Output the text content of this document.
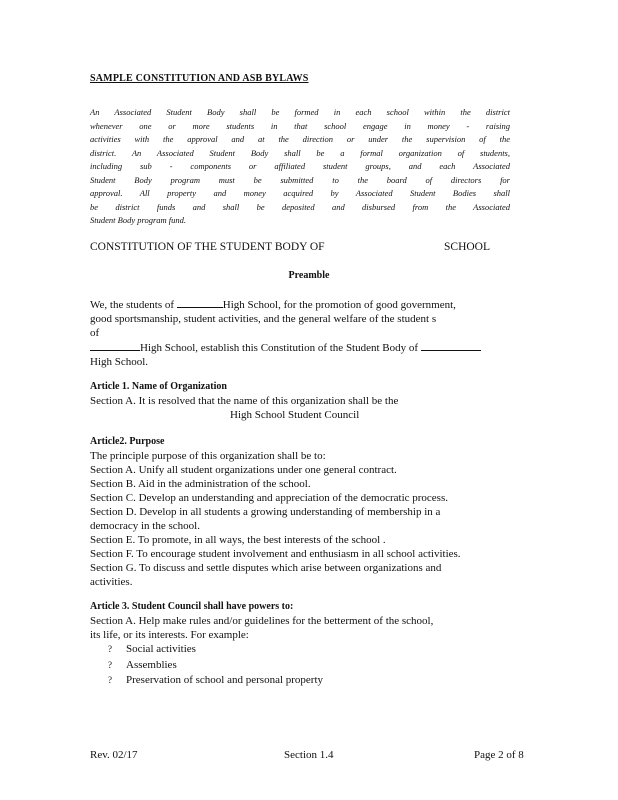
SAMPLE CONSTITUTION AND ASB BYLAWS
An Associated Student Body shall be formed in each school within the district
whenever one or more students in that school engage in money - raising
activities with the approval and at the direction or under the supervision of the
district. An Associated Student Body shall be a formal organization of students,
including sub - components or affiliated student groups, and each Associated
Student Body program must be submitted to the board of directors for
approval. All property and money acquired by Associated Student Bodies shall
be district funds and shall be deposited and disbursed from the Associated
Student Body program fund.
CONSTITUTION OF THE STUDENT BODY OF	SCHOOL
Preamble
We, the students of	High School, for the promotion of good government,
good sportsmanship, student activities, and the general welfare of the student s
of
High School, establish this Constitution of the Student Body of
High School.
Article 1. Name of Organization
Section A. It is resolved that the name of this organization shall be the
High School Student Council
Article2. Purpose
The principle purpose of this organization shall be to:
Section A. Unify all student organizations under one general contract.
Section B. Aid in the administration of the school.
Section C. Develop an understanding and appreciation of the democratic process.
Section D. Develop in all students a growing understanding of membership in a
democracy in the school.
Section E. To promote, in all ways, the best interests of the school .
Section F. To encourage student involvement and enthusiasm in all school activities.
Section G. To discuss and settle disputes which arise between organizations and
activities.
Article 3. Student Council shall have powers to:
Section A. Help make rules and/or guidelines for the betterment of the school,
its life, or its interests. For example:
? Social activities
? Assemblies
? Preservation of school and personal property
Rev. 02/17	Section 1.4	Page 2 of 8
